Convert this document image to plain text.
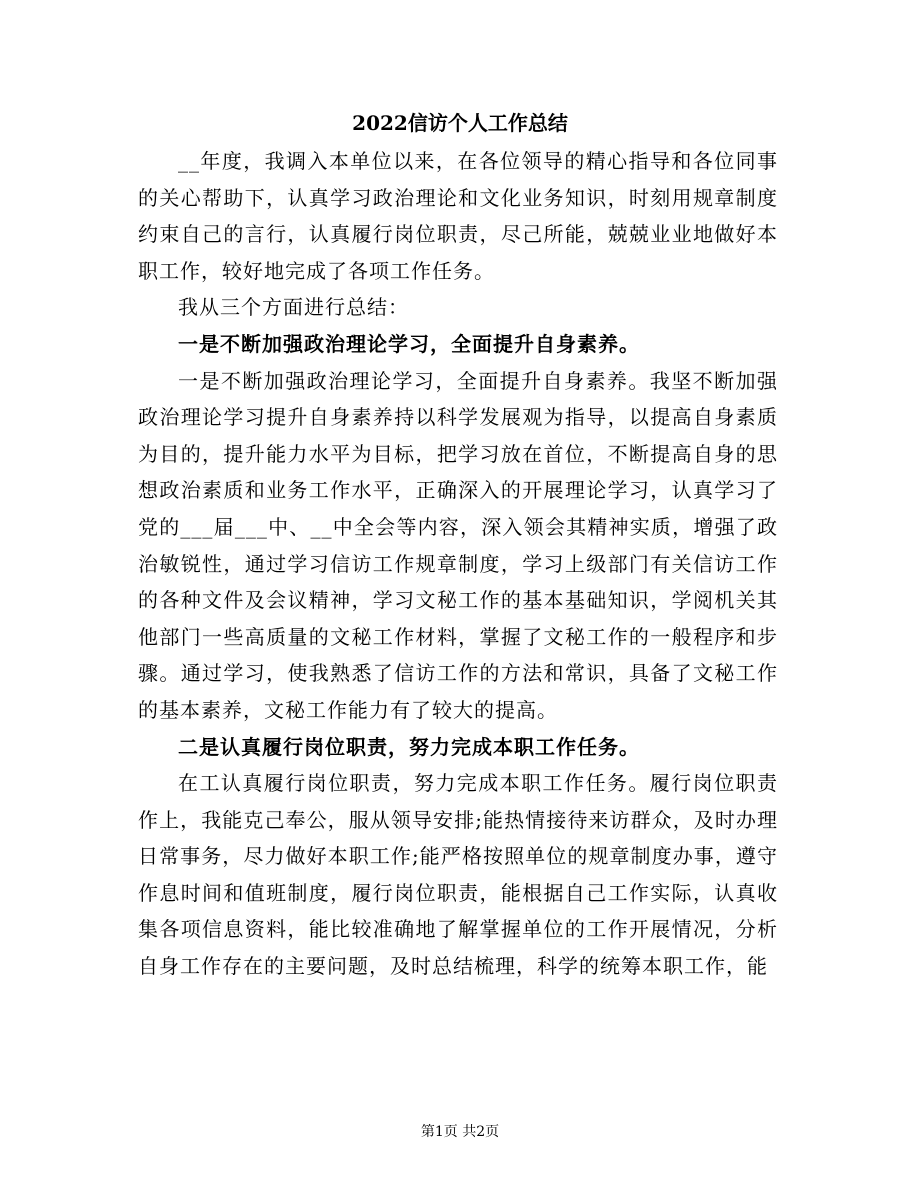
2022信访个人工作总结

__年度，我调入本单位以来，在各位领导的精心指导和各位同事的关心帮助下，认真学习政治理论和文化业务知识，时刻用规章制度约束自己的言行，认真履行岗位职责，尽己所能，兢兢业业地做好本职工作，较好地完成了各项工作任务。

我从三个方面进行总结：

一是不断加强政治理论学习，全面提升自身素养。

一是不断加强政治理论学习，全面提升自身素养。我坚不断加强政治理论学习提升自身素养持以科学发展观为指导，以提高自身素质为目的，提升能力水平为目标，把学习放在首位，不断提高自身的思想政治素质和业务工作水平，正确深入的开展理论学习，认真学习了党的___届___中、__中全会等内容，深入领会其精神实质，增强了政治敏锐性，通过学习信访工作规章制度，学习上级部门有关信访工作的各种文件及会议精神，学习文秘工作的基本基础知识，学阅机关其他部门一些高质量的文秘工作材料，掌握了文秘工作的一般程序和步骤。通过学习，使我熟悉了信访工作的方法和常识，具备了文秘工作的基本素养，文秘工作能力有了较大的提高。

二是认真履行岗位职责，努力完成本职工作任务。

在工认真履行岗位职责，努力完成本职工作任务。履行岗位职责作上，我能克己奉公，服从领导安排;能热情接待来访群众，及时办理日常事务，尽力做好本职工作;能严格按照单位的规章制度办事，遵守作息时间和值班制度，履行岗位职责，能根据自己工作实际，认真收集各项信息资料，能比较准确地了解掌握单位的工作开展情况，分析自身工作存在的主要问题，及时总结梳理，科学的统筹本职工作，能

第1页 共2页
